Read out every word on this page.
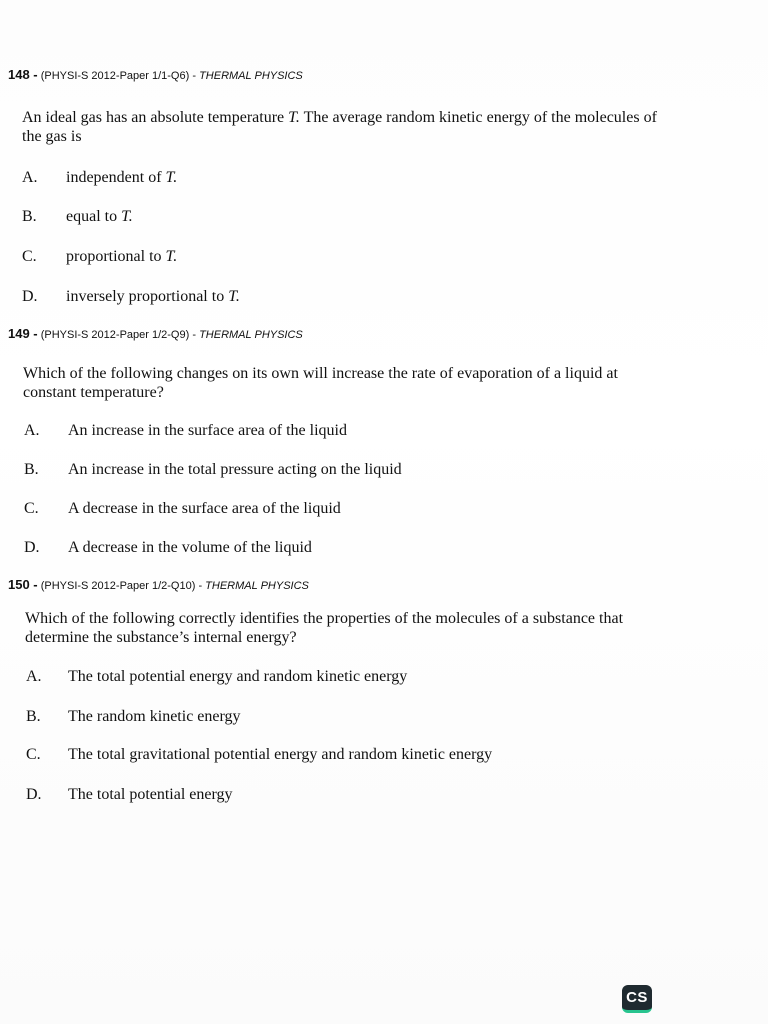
148 - (PHYSI-S 2012-Paper 1/1-Q6) - THERMAL PHYSICS
An ideal gas has an absolute temperature T. The average random kinetic energy of the molecules of
the gas is
A. independent of T.
B. equal to T.
C. proportional to T.
D. inversely proportional to T.
149 - (PHYSI-S 2012-Paper 1/2-Q9) - THERMAL PHYSICS
Which of the following changes on its own will increase the rate of evaporation of a liquid at
constant temperature?
A. An increase in the surface area of the liquid
B. An increase in the total pressure acting on the liquid
C. A decrease in the surface area of the liquid
D. A decrease in the volume of the liquid
150 - (PHYSI-S 2012-Paper 1/2-Q10) - THERMAL PHYSICS
Which of the following correctly identifies the properties of the molecules of a substance that
determine the substance’s internal energy?
A. The total potential energy and random kinetic energy
B. The random kinetic energy
C. The total gravitational potential energy and random kinetic energy
D. The total potential energy
CS
